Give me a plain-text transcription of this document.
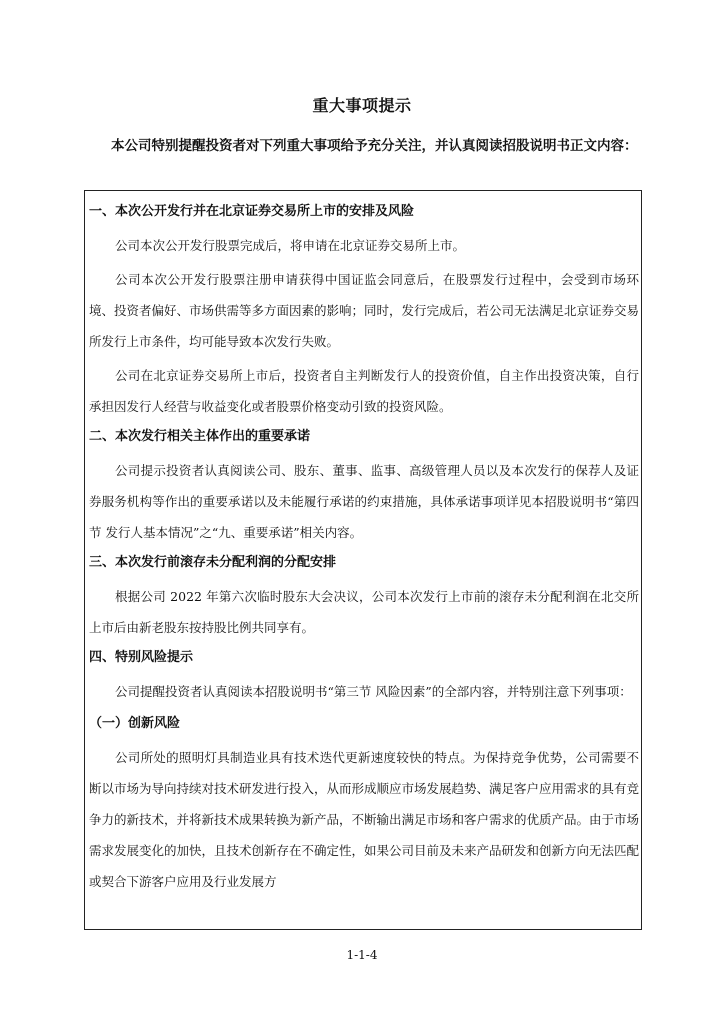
重大事项提示

本公司特别提醒投资者对下列重大事项给予充分关注，并认真阅读招股说明书正文内容：

一、本次公开发行并在北京证券交易所上市的安排及风险

公司本次公开发行股票完成后，将申请在北京证券交易所上市。

公司本次公开发行股票注册申请获得中国证监会同意后，在股票发行过程中，会受到市场环境、投资者偏好、市场供需等多方面因素的影响；同时，发行完成后，若公司无法满足北京证券交易所发行上市条件，均可能导致本次发行失败。

公司在北京证券交易所上市后，投资者自主判断发行人的投资价值，自主作出投资决策，自行承担因发行人经营与收益变化或者股票价格变动引致的投资风险。

二、本次发行相关主体作出的重要承诺

公司提示投资者认真阅读公司、股东、董事、监事、高级管理人员以及本次发行的保荐人及证券服务机构等作出的重要承诺以及未能履行承诺的约束措施，具体承诺事项详见本招股说明书“第四节 发行人基本情况”之“九、重要承诺”相关内容。

三、本次发行前滚存未分配利润的分配安排

根据公司 2022 年第六次临时股东大会决议，公司本次发行上市前的滚存未分配利润在北交所上市后由新老股东按持股比例共同享有。

四、特别风险提示

公司提醒投资者认真阅读本招股说明书“第三节 风险因素”的全部内容，并特别注意下列事项：

（一）创新风险

公司所处的照明灯具制造业具有技术迭代更新速度较快的特点。为保持竞争优势，公司需要不断以市场为导向持续对技术研发进行投入，从而形成顺应市场发展趋势、满足客户应用需求的具有竞争力的新技术，并将新技术成果转换为新产品，不断输出满足市场和客户需求的优质产品。由于市场需求发展变化的加快，且技术创新存在不确定性，如果公司目前及未来产品研发和创新方向无法匹配或契合下游客户应用及行业发展方

1-1-4
